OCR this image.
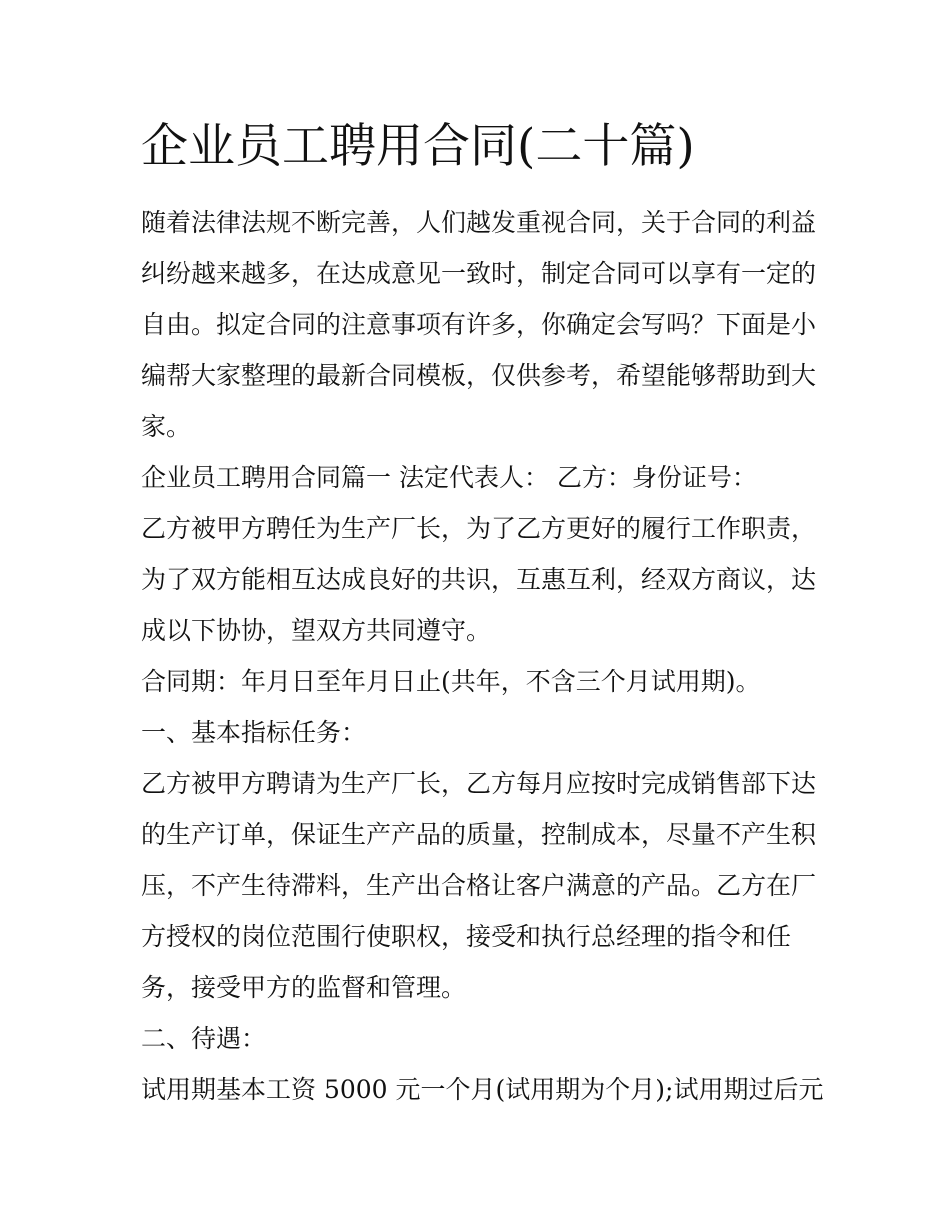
企业员工聘用合同(二十篇)
随着法律法规不断完善，人们越发重视合同，关于合同的利益
纠纷越来越多，在达成意见一致时，制定合同可以享有一定的
自由。拟定合同的注意事项有许多，你确定会写吗？下面是小
编帮大家整理的最新合同模板，仅供参考，希望能够帮助到大
家。
企业员工聘用合同篇一 法定代表人： 乙方：身份证号：
乙方被甲方聘任为生产厂长，为了乙方更好的履行工作职责，
为了双方能相互达成良好的共识，互惠互利，经双方商议，达
成以下协协，望双方共同遵守。
合同期：年月日至年月日止(共年，不含三个月试用期)。
一、基本指标任务：
乙方被甲方聘请为生产厂长，乙方每月应按时完成销售部下达
的生产订单，保证生产产品的质量，控制成本，尽量不产生积
压，不产生待滞料，生产出合格让客户满意的产品。乙方在厂
方授权的岗位范围行使职权，接受和执行总经理的指令和任
务，接受甲方的监督和管理。
二、待遇：
试用期基本工资 5000 元一个月(试用期为个月);试用期过后元
